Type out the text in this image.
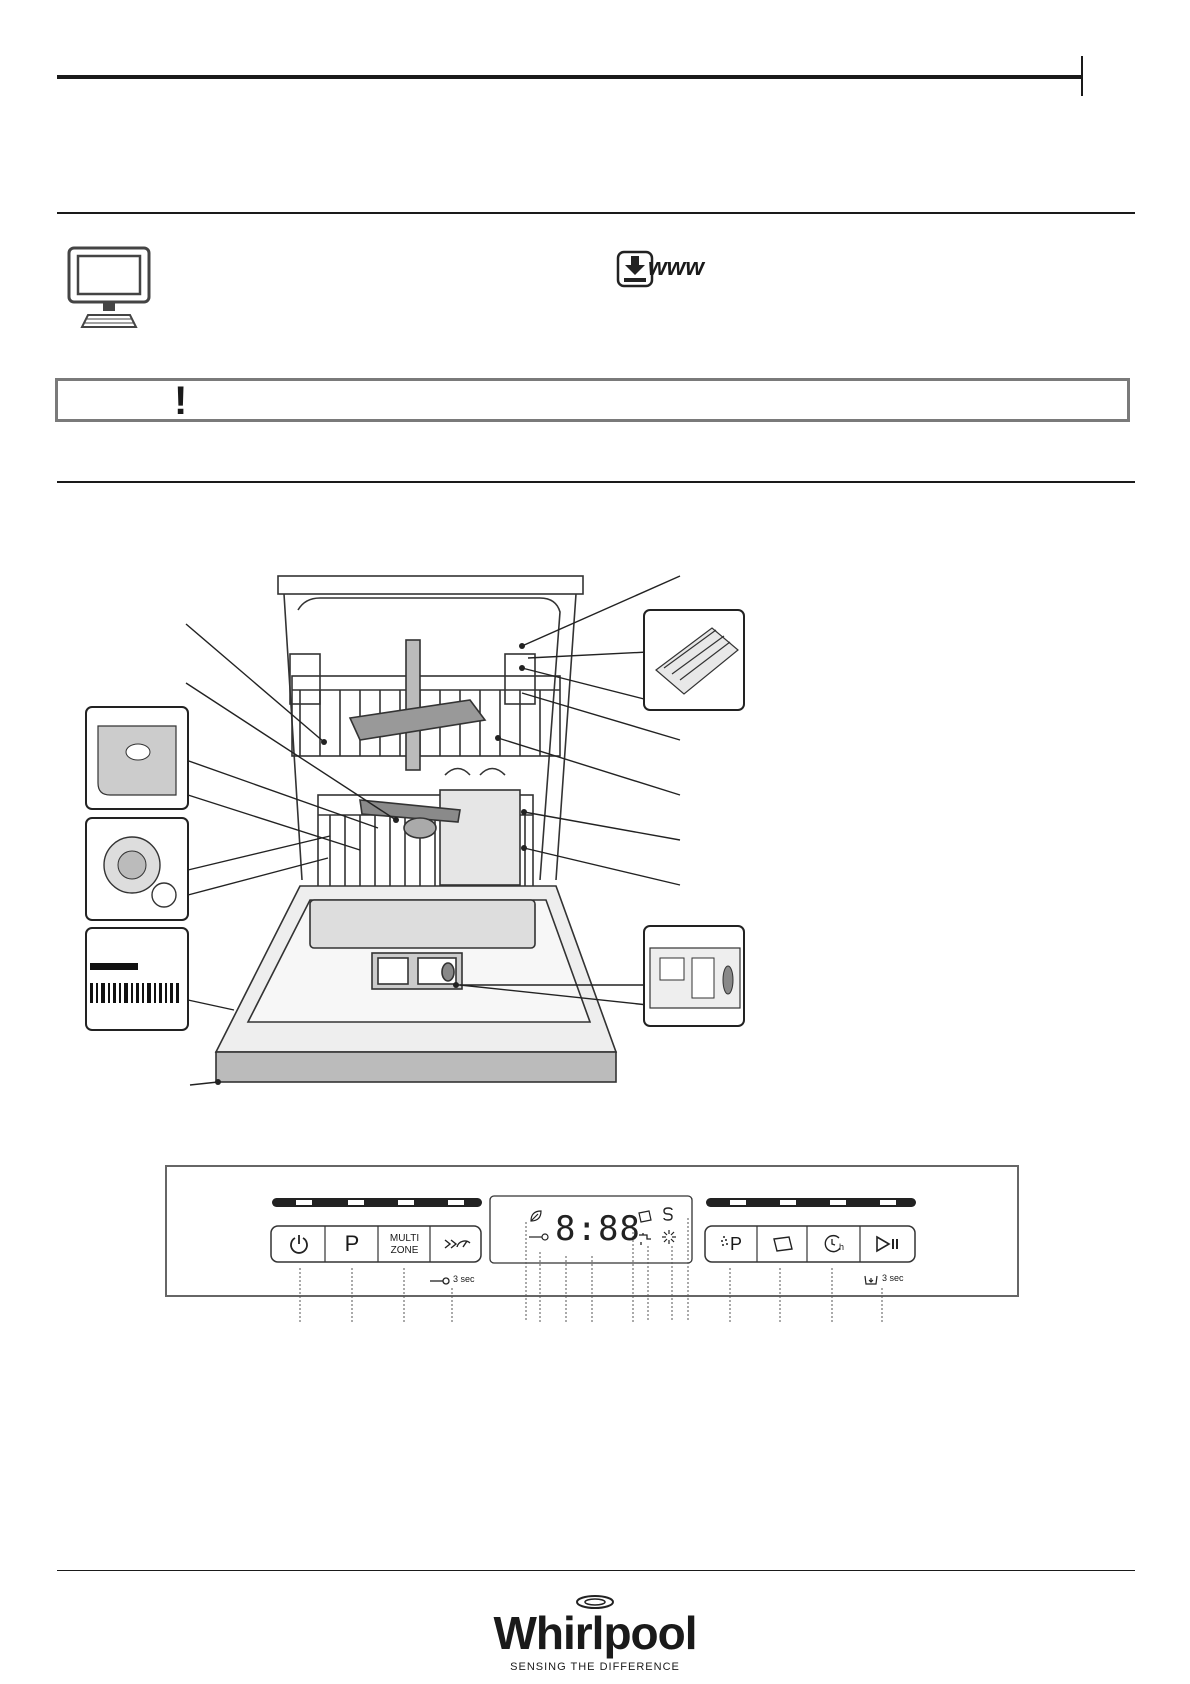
www
!
P	MULTI
ZONE
3 sec
8:88	P	h
3 sec
Whirlpool
SENSING THE DIFFERENCE
